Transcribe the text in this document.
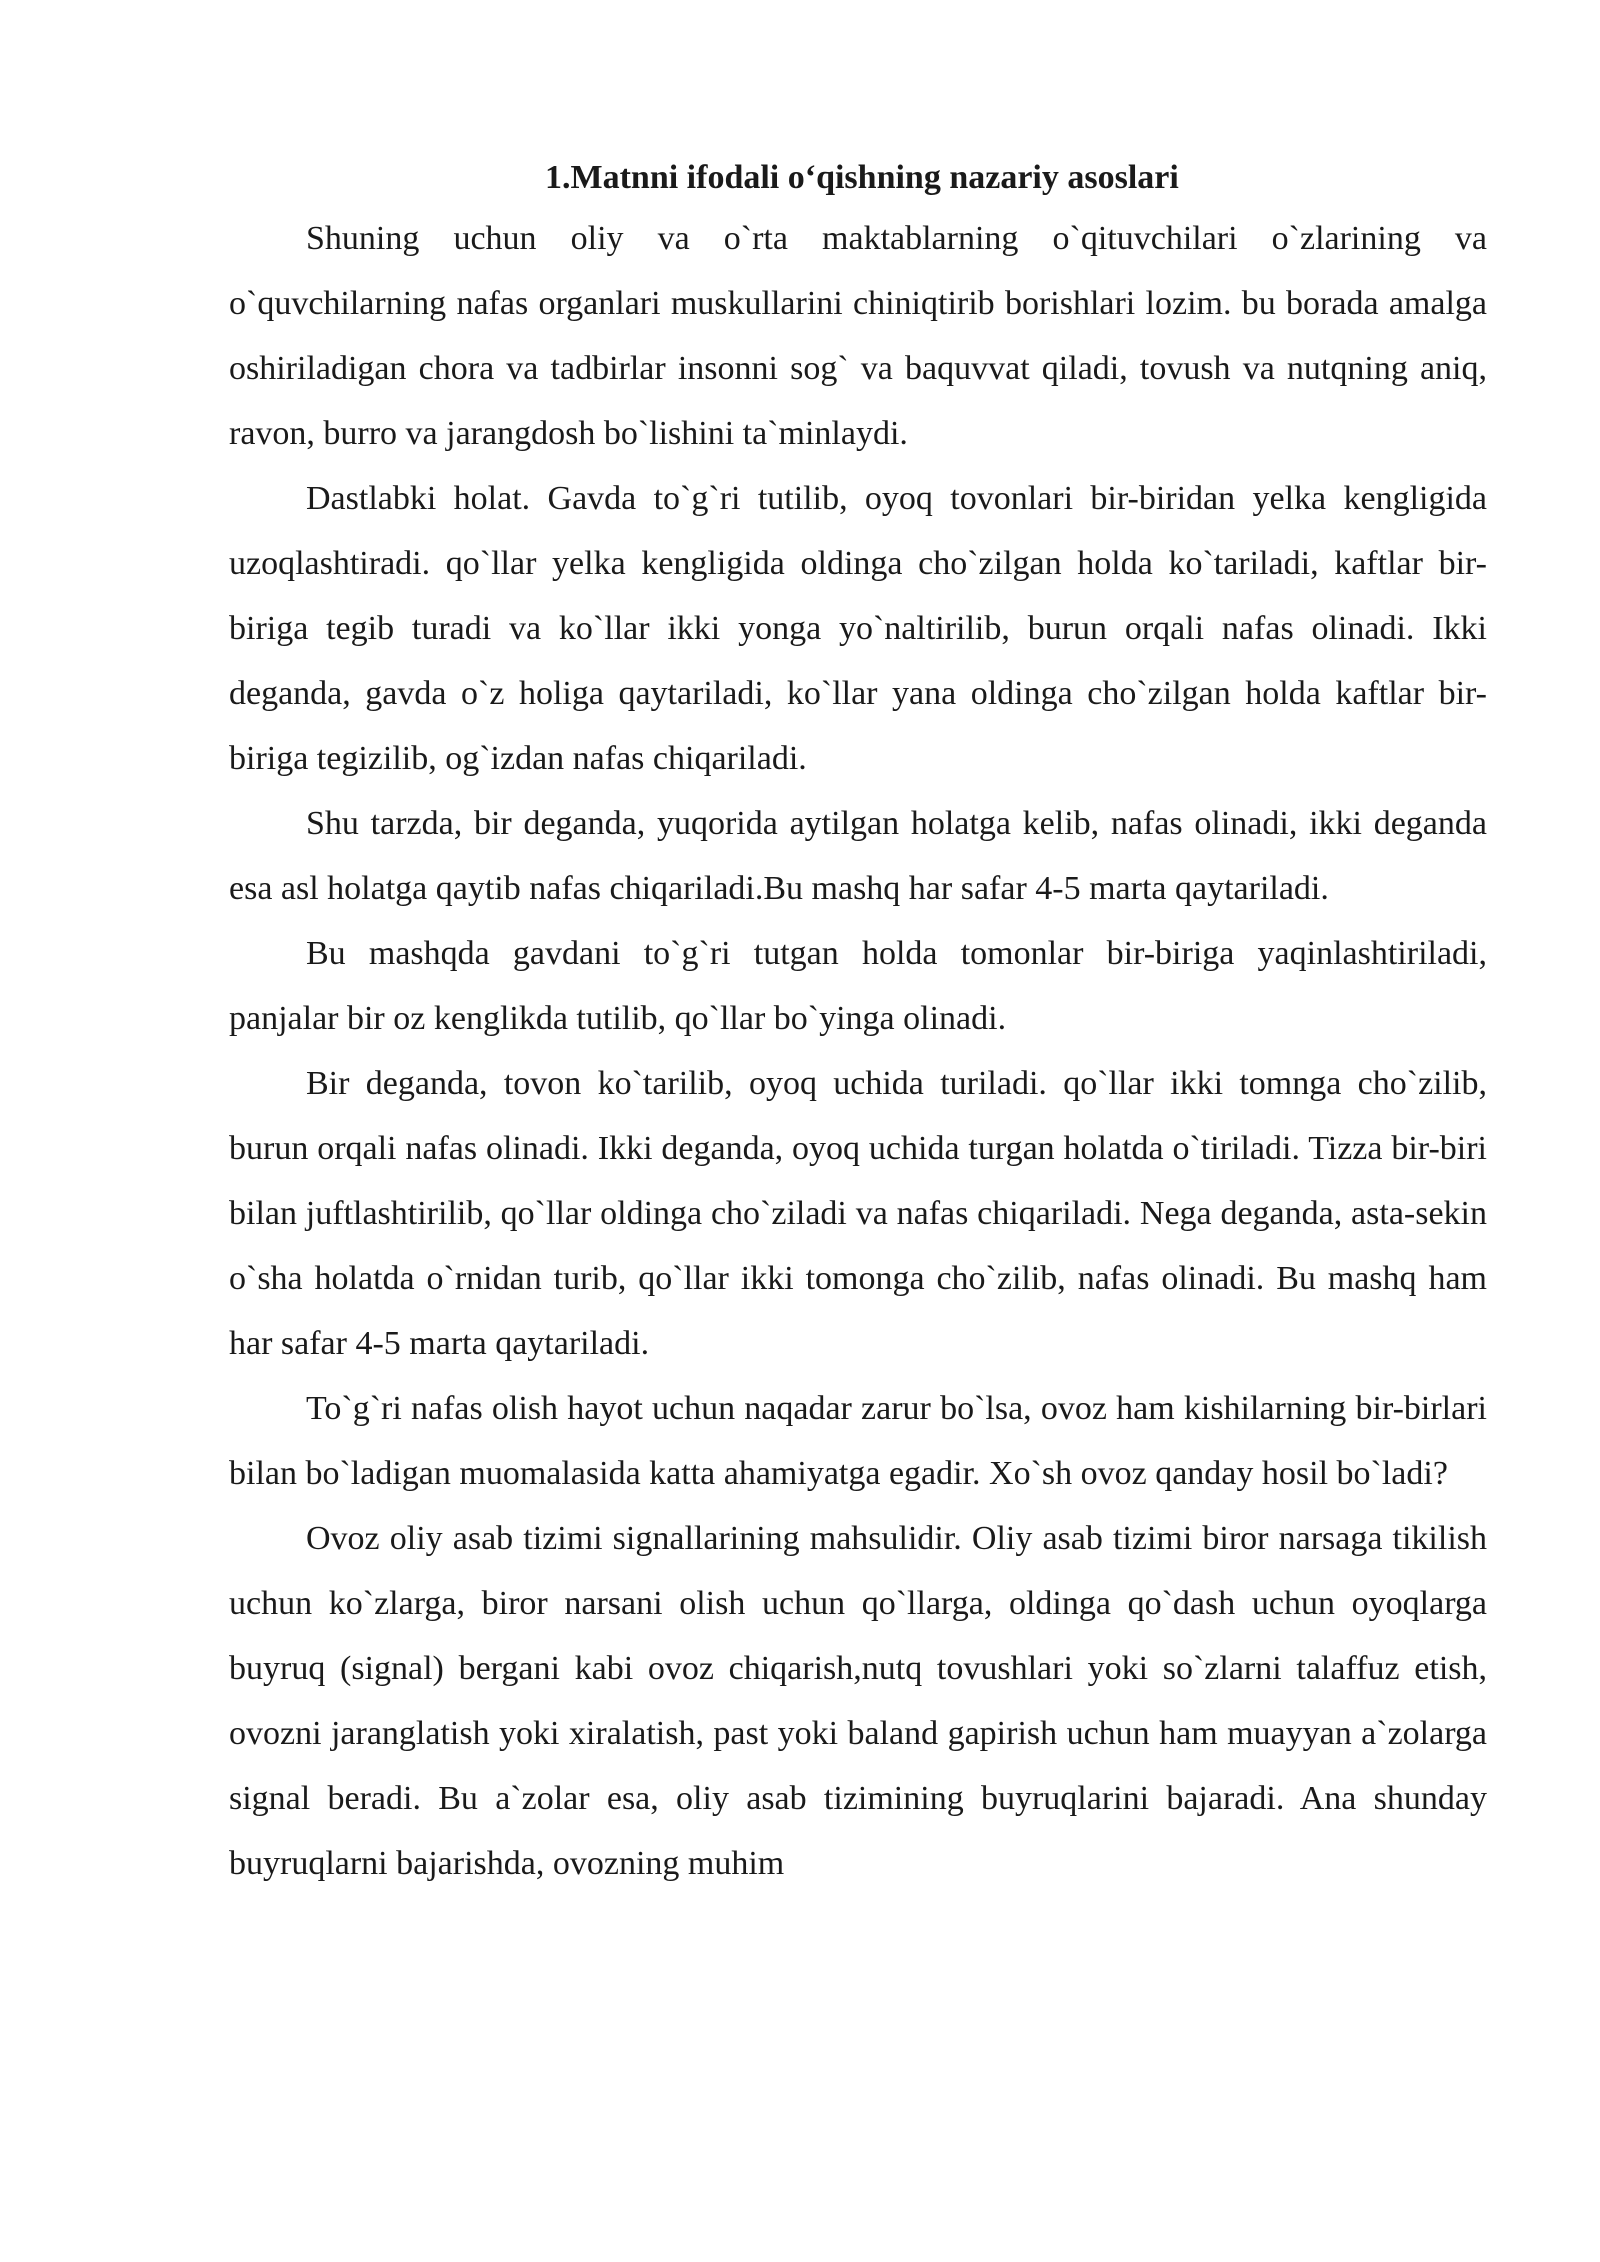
1.Matnni ifodali o‘qishning nazariy asoslari

Shuning uchun oliy va o`rta maktablarning o`qituvchilari o`zlarining va o`quvchilarning nafas organlari muskullarini chiniqtirib borishlari lozim. bu borada amalga oshiriladigan chora va tadbirlar insonni sog` va baquvvat qiladi, tovush va nutqning aniq, ravon, burro va jarangdosh bo`lishini ta`minlaydi.

Dastlabki holat. Gavda to`g`ri tutilib, oyoq tovonlari bir-biridan yelka kengligida uzoqlashtiradi. qo`llar yelka kengligida oldinga cho`zilgan holda ko`tariladi, kaftlar bir-biriga tegib turadi va ko`llar ikki yonga yo`naltirilib, burun orqali nafas olinadi. Ikki deganda, gavda o`z holiga qaytariladi, ko`llar yana oldinga cho`zilgan holda kaftlar bir-biriga tegizilib, og`izdan nafas chiqariladi.

Shu tarzda, bir deganda, yuqorida aytilgan holatga kelib, nafas olinadi, ikki deganda esa asl holatga qaytib nafas chiqariladi.Bu mashq har safar 4-5 marta qaytariladi.

Bu mashqda gavdani to`g`ri tutgan holda tomonlar bir-biriga yaqinlashtiriladi, panjalar bir oz kenglikda tutilib, qo`llar bo`yinga olinadi.

Bir deganda, tovon ko`tarilib, oyoq uchida turiladi. qo`llar ikki tomnga cho`zilib, burun orqali nafas olinadi. Ikki deganda, oyoq uchida turgan holatda o`tiriladi. Tizza bir-biri bilan juftlashtirilib, qo`llar oldinga cho`ziladi va nafas chiqariladi. Nega deganda, asta-sekin o`sha holatda o`rnidan turib, qo`llar ikki tomonga cho`zilib, nafas olinadi. Bu mashq ham har safar 4-5 marta qaytariladi.

To`g`ri nafas olish hayot uchun naqadar zarur bo`lsa, ovoz ham kishilarning bir-birlari bilan bo`ladigan muomalasida katta ahamiyatga egadir. Xo`sh ovoz qanday hosil bo`ladi?

Ovoz oliy asab tizimi signallarining mahsulidir. Oliy asab tizimi biror narsaga tikilish uchun ko`zlarga, biror narsani olish uchun qo`llarga, oldinga qo`dash uchun oyoqlarga buyruq (signal) bergani kabi ovoz chiqarish,nutq tovushlari yoki so`zlarni talaffuz etish, ovozni jaranglatish yoki xiralatish, past yoki baland gapirish uchun ham muayyan a`zolarga signal beradi. Bu a`zolar esa, oliy asab tizimining buyruqlarini bajaradi. Ana shunday buyruqlarni bajarishda, ovozning muhim
